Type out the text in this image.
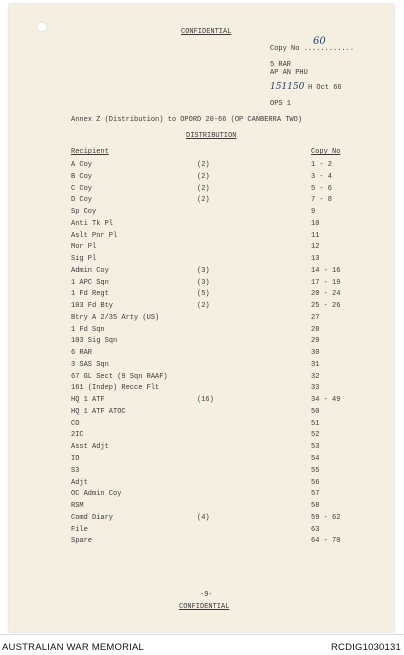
CONFIDENTIAL
Copy No ............
60
5 RAR
AP AN PHU
151150 H Oct 66
OPS 1
Annex Z (Distribution) to OPORD 20-66 (OP CANBERRA TWO)
DISTRIBUTION
Recipient	Copy No
A Coy	(2)	1 - 2
B Coy	(2)	3 - 4
C Coy	(2)	5 - 6
D Coy	(2)	7 - 8
Sp Coy	9
Anti Tk Pl	10
Aslt Pnr Pl	11
Mor Pl	12
Sig Pl	13
Admin Coy	(3)	14 - 16
1 APC Sqn	(3)	17 - 19
1 Fd Regt	(5)	20 - 24
103 Fd Bty	(2)	25 - 26
Btry A 2/35 Arty (US)	27
1 Fd Sqn	28
103 Sig Sqn	29
6 RAR	30
3 SAS Sqn	31
67 GL Sect (9 Sqn RAAF)	32
161 (Indep) Recce Flt	33
HQ 1 ATF	(16)	34 - 49
HQ 1 ATF ATOC	50
CO	51
2IC	52
Asst Adjt	53
IO	54
S3	55
Adjt	56
OC Admin Coy	57
RSM	58
Comd Diary	(4)	59 - 62
File	63
Spare	64 - 70
-9-
CONFIDENTIAL
AUSTRALIAN WAR MEMORIAL	RCDIG1030131
